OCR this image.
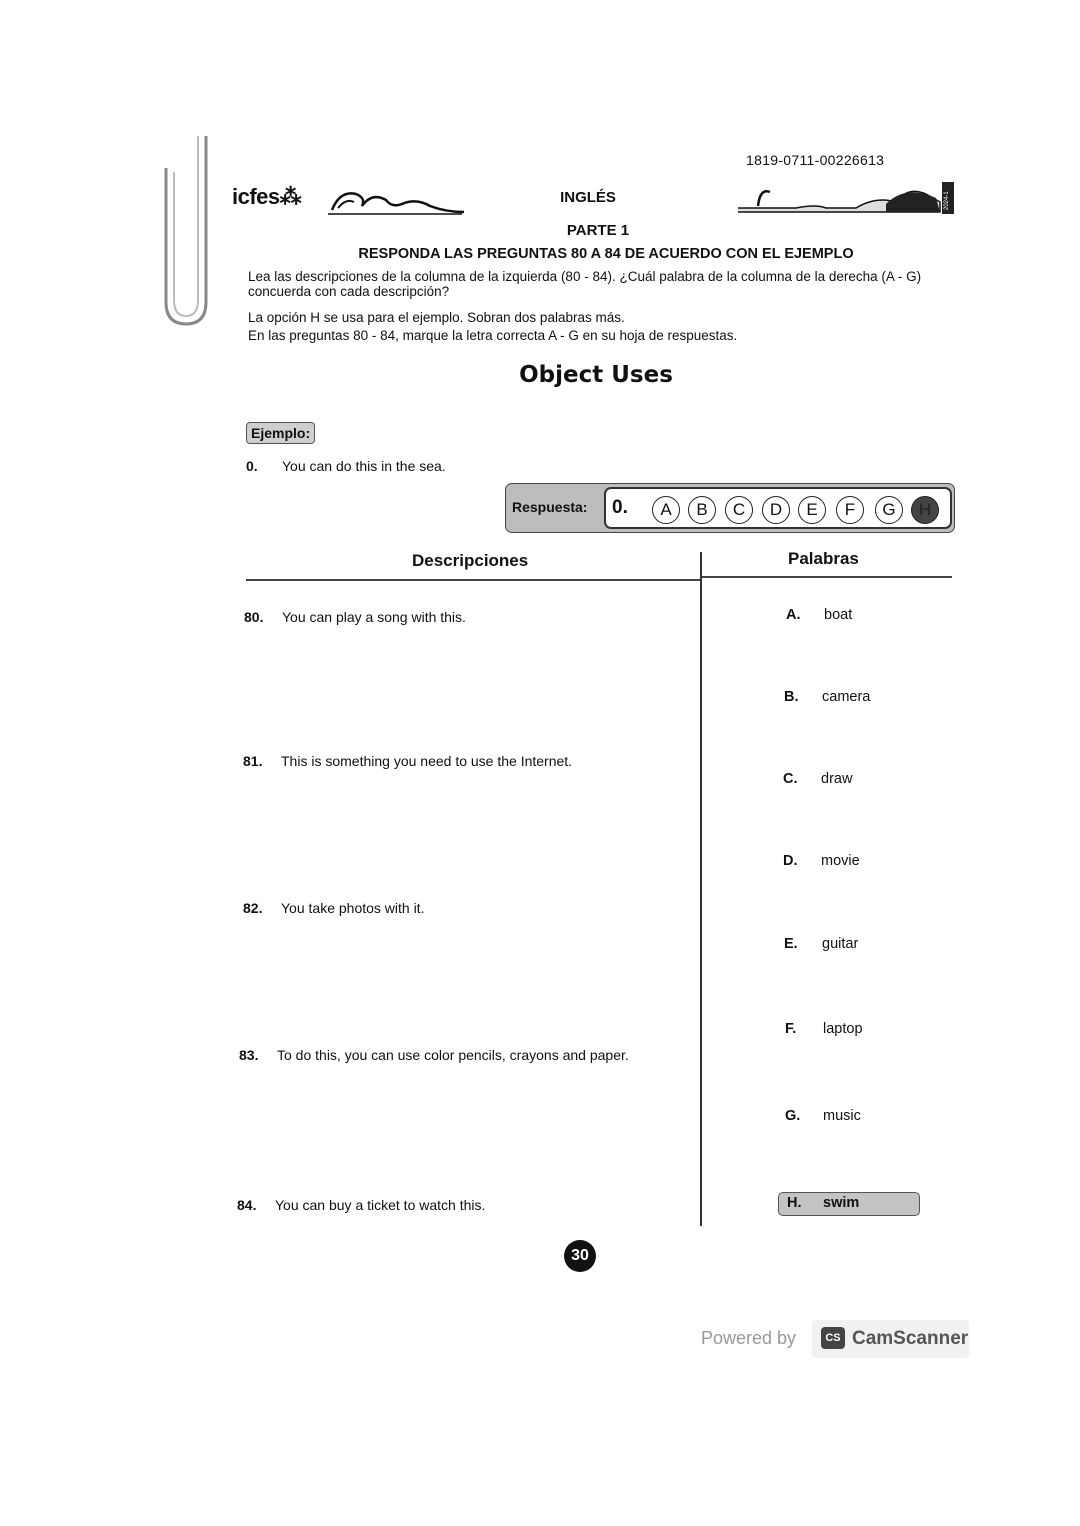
1819-0711-00226613
icfes⁂	INGLÉS	2024-1
PARTE 1
RESPONDA LAS PREGUNTAS 80 A 84 DE ACUERDO CON EL EJEMPLO
Lea las descripciones de la columna de la izquierda (80 - 84). ¿Cuál palabra de la columna de la derecha (A - G)
concuerda con cada descripción?
La opción H se usa para el ejemplo. Sobran dos palabras más.
En las preguntas 80 - 84, marque la letra correcta A - G en su hoja de respuestas.
Object Uses
Ejemplo:
0. You can do this in the sea.
Respuesta: 0.	A	B	C	D	E	F	G	H
Descripciones	Palabras
80. You can play a song with this.
81. This is something you need to use the Internet.
82. You take photos with it.
83. To do this, you can use color pencils, crayons and paper.
84. You can buy a ticket to watch this.
A. boat
B. camera
C. draw
D. movie
E. guitar
F. laptop
G. music
H. swim
30
Powered by	CS CamScanner
